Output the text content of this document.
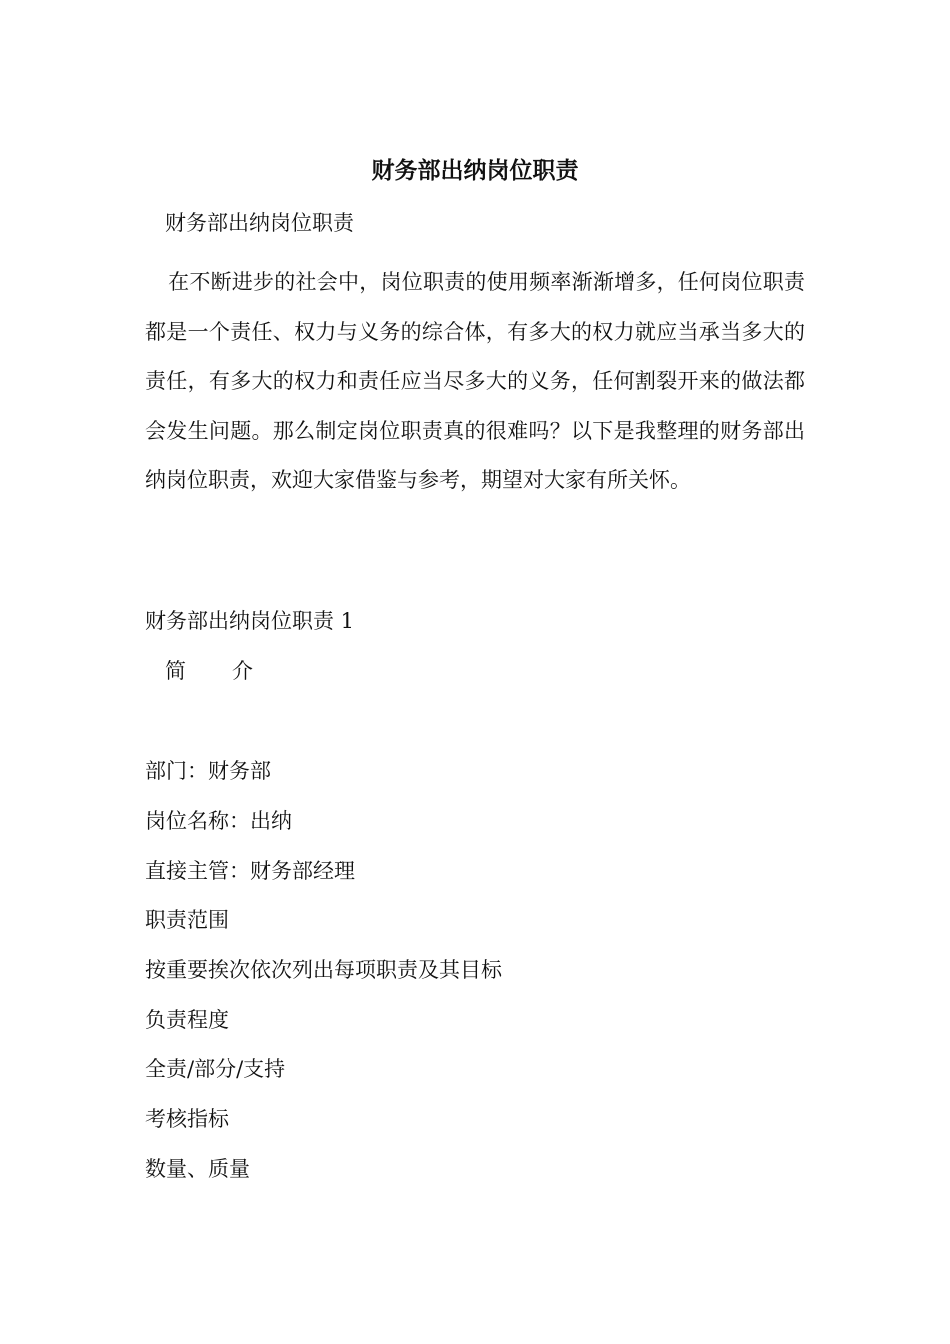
财务部出纳岗位职责
财务部出纳岗位职责
在不断进步的社会中，岗位职责的使用频率渐渐增多，任何岗位职责都是一个责任、权力与义务的综合体，有多大的权力就应当承当多大的责任，有多大的权力和责任应当尽多大的义务，任何割裂开来的做法都会发生问题。那么制定岗位职责真的很难吗？以下是我整理的财务部出纳岗位职责，欢迎大家借鉴与参考，期望对大家有所关怀。
财务部出纳岗位职责 1
简 介
部门：财务部
岗位名称：出纳
直接主管：财务部经理
职责范围
按重要挨次依次列出每项职责及其目标
负责程度
全责/部分/支持
考核指标
数量、质量
